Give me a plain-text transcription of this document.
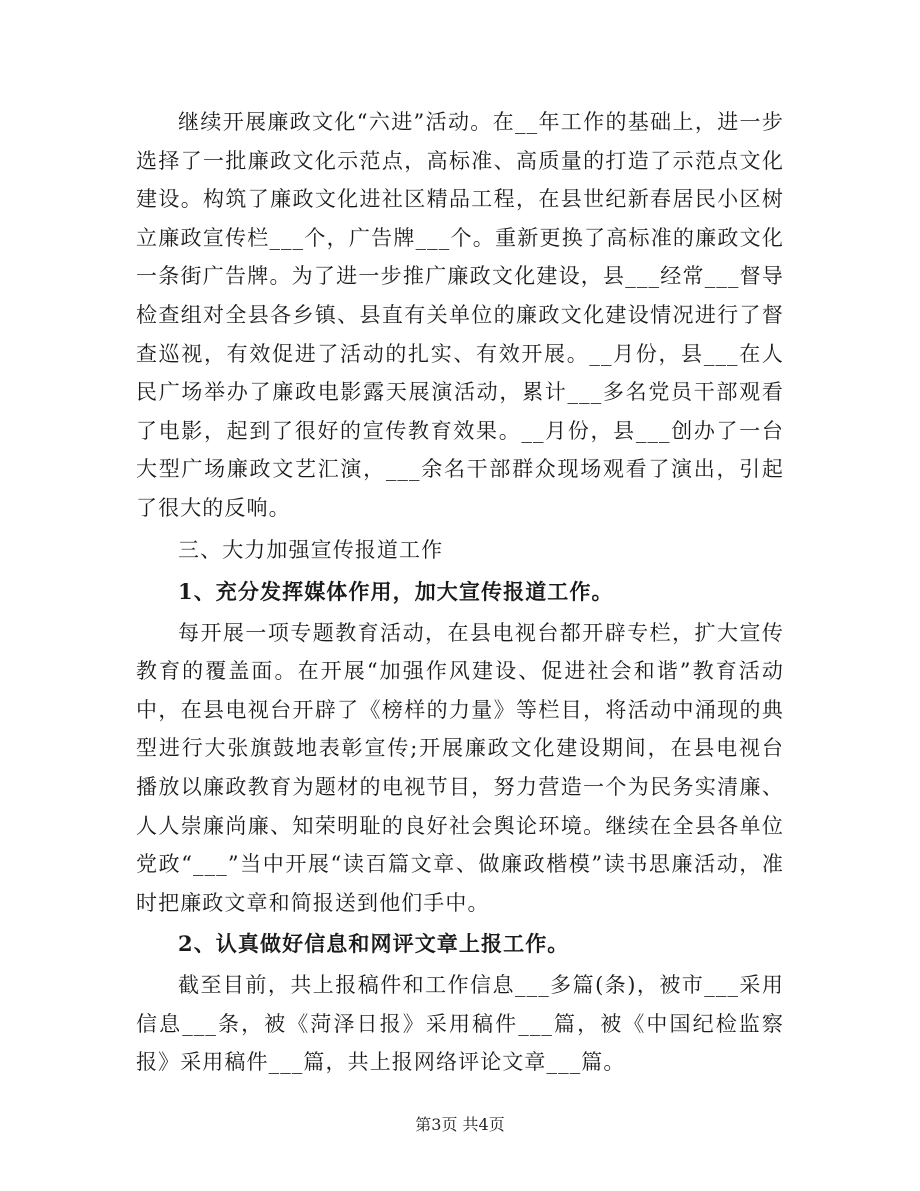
继续开展廉政文化“六进”活动。在__年工作的基础上，进一步选择了一批廉政文化示范点，高标准、高质量的打造了示范点文化建设。构筑了廉政文化进社区精品工程，在县世纪新春居民小区树立廉政宣传栏___个，广告牌___个。重新更换了高标准的廉政文化一条街广告牌。为了进一步推广廉政文化建设，县___经常___督导检查组对全县各乡镇、县直有关单位的廉政文化建设情况进行了督查巡视，有效促进了活动的扎实、有效开展。__月份，县___在人民广场举办了廉政电影露天展演活动，累计___多名党员干部观看了电影，起到了很好的宣传教育效果。__月份，县___创办了一台大型广场廉政文艺汇演，___余名干部群众现场观看了演出，引起了很大的反响。

三、大力加强宣传报道工作

1、充分发挥媒体作用，加大宣传报道工作。

每开展一项专题教育活动，在县电视台都开辟专栏，扩大宣传教育的覆盖面。在开展“加强作风建设、促进社会和谐”教育活动中，在县电视台开辟了《榜样的力量》等栏目，将活动中涌现的典型进行大张旗鼓地表彰宣传;开展廉政文化建设期间，在县电视台播放以廉政教育为题材的电视节目，努力营造一个为民务实清廉、人人崇廉尚廉、知荣明耻的良好社会舆论环境。继续在全县各单位党政“___”当中开展“读百篇文章、做廉政楷模”读书思廉活动，准时把廉政文章和简报送到他们手中。

2、认真做好信息和网评文章上报工作。

截至目前，共上报稿件和工作信息___多篇(条)，被市___采用信息___条，被《菏泽日报》采用稿件___篇，被《中国纪检监察报》采用稿件___篇，共上报网络评论文章___篇。

第3页 共4页
